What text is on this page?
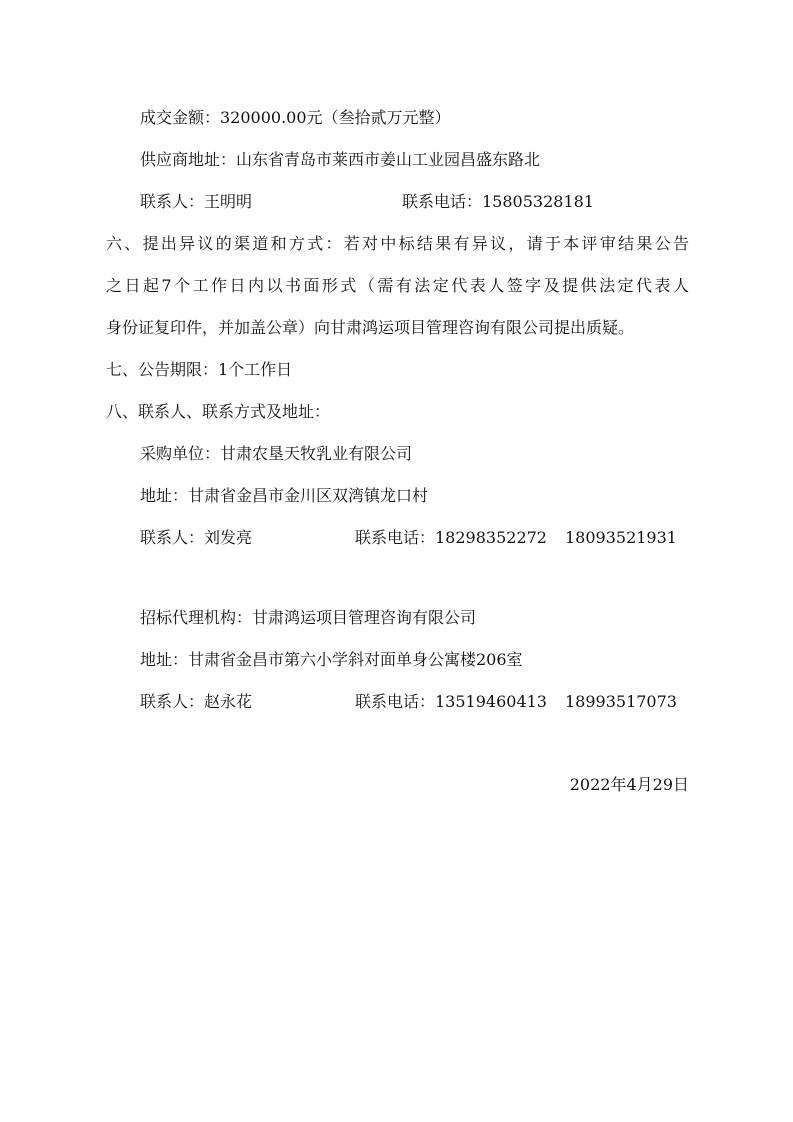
成交金额：320000.00元（叁拾贰万元整）
供应商地址：山东省青岛市莱西市姜山工业园昌盛东路北
联系人：王明明	联系电话：15805328181
六、提出异议的渠道和方式：若对中标结果有异议，请于本评审结果公告
之日起7个工作日内以书面形式（需有法定代表人签字及提供法定代表人
身份证复印件，并加盖公章）向甘肃鸿运项目管理咨询有限公司提出质疑。
七、公告期限：1个工作日
八、联系人、联系方式及地址：
采购单位：甘肃农垦天牧乳业有限公司
地址：甘肃省金昌市金川区双湾镇龙口村
联系人：刘发亮	联系电话：18298352272 18093521931
招标代理机构：甘肃鸿运项目管理咨询有限公司
地址：甘肃省金昌市第六小学斜对面单身公寓楼206室
联系人：赵永花	联系电话：13519460413 18993517073
2022年4月29日
